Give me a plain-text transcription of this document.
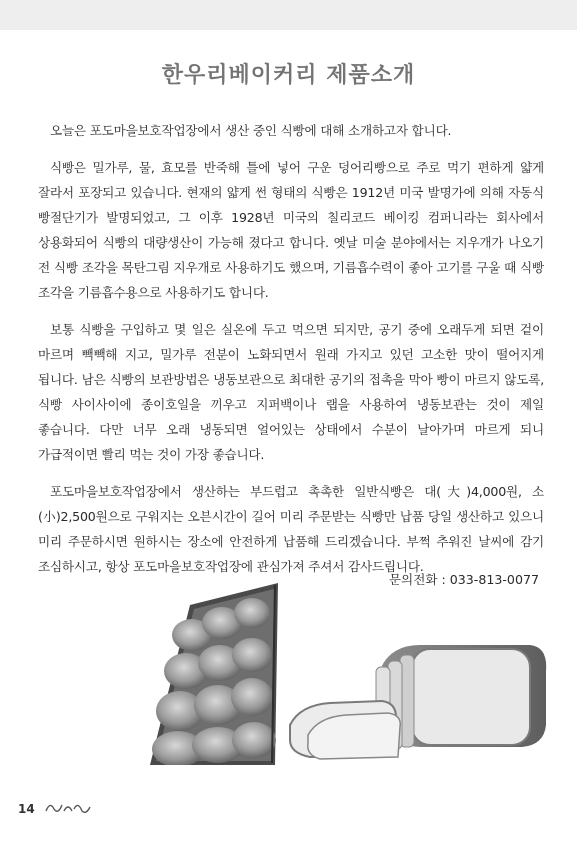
한우리베이커리 제품소개

오늘은 포도마을보호작업장에서 생산 중인 식빵에 대해 소개하고자 합니다.

식빵은 밀가루, 물, 효모를 반죽해 틀에 넣어 구운 덩어리빵으로 주로 먹기 편하게 얇게 잘라서 포장되고 있습니다. 현재의 얇게 썬 형태의 식빵은 1912년 미국 발명가에 의해 자동식 빵절단기가 발명되었고, 그 이후 1928년 미국의 칠리코드 베이킹 컴퍼니라는 회사에서 상용화되어 식빵의 대량생산이 가능해 졌다고 합니다. 옛날 미술 분야에서는 지우개가 나오기 전 식빵 조각을 목탄그림 지우개로 사용하기도 했으며, 기름흡수력이 좋아 고기를 구울 때 식빵 조각을 기름흡수용으로 사용하기도 합니다.

보통 식빵을 구입하고 몇 일은 실온에 두고 먹으면 되지만, 공기 중에 오래두게 되면 겉이 마르며 빽빽해 지고, 밀가루 전분이 노화되면서 원래 가지고 있던 고소한 맛이 떨어지게 됩니다. 남은 식빵의 보관방법은 냉동보관으로 최대한 공기의 접촉을 막아 빵이 마르지 않도록, 식빵 사이사이에 종이호일을 끼우고 지퍼백이나 랩을 사용하여 냉동보관는 것이 제일 좋습니다. 다만 너무 오래 냉동되면 얼어있는 상태에서 수분이 날아가며 마르게 되니 가급적이면 빨리 먹는 것이 가장 좋습니다.

포도마을보호작업장에서 생산하는 부드럽고 촉촉한 일반식빵은 대(大)4,000원, 소(小)2,500원으로 구워지는 오븐시간이 길어 미리 주문받는 식빵만 납품 당일 생산하고 있으니 미리 주문하시면 원하시는 장소에 안전하게 납품해 드리겠습니다. 부쩍 추워진 날씨에 감기 조심하시고, 항상 포도마을보호작업장에 관심가져 주셔서 감사드립니다.

문의전화 : 033-813-0077
14
